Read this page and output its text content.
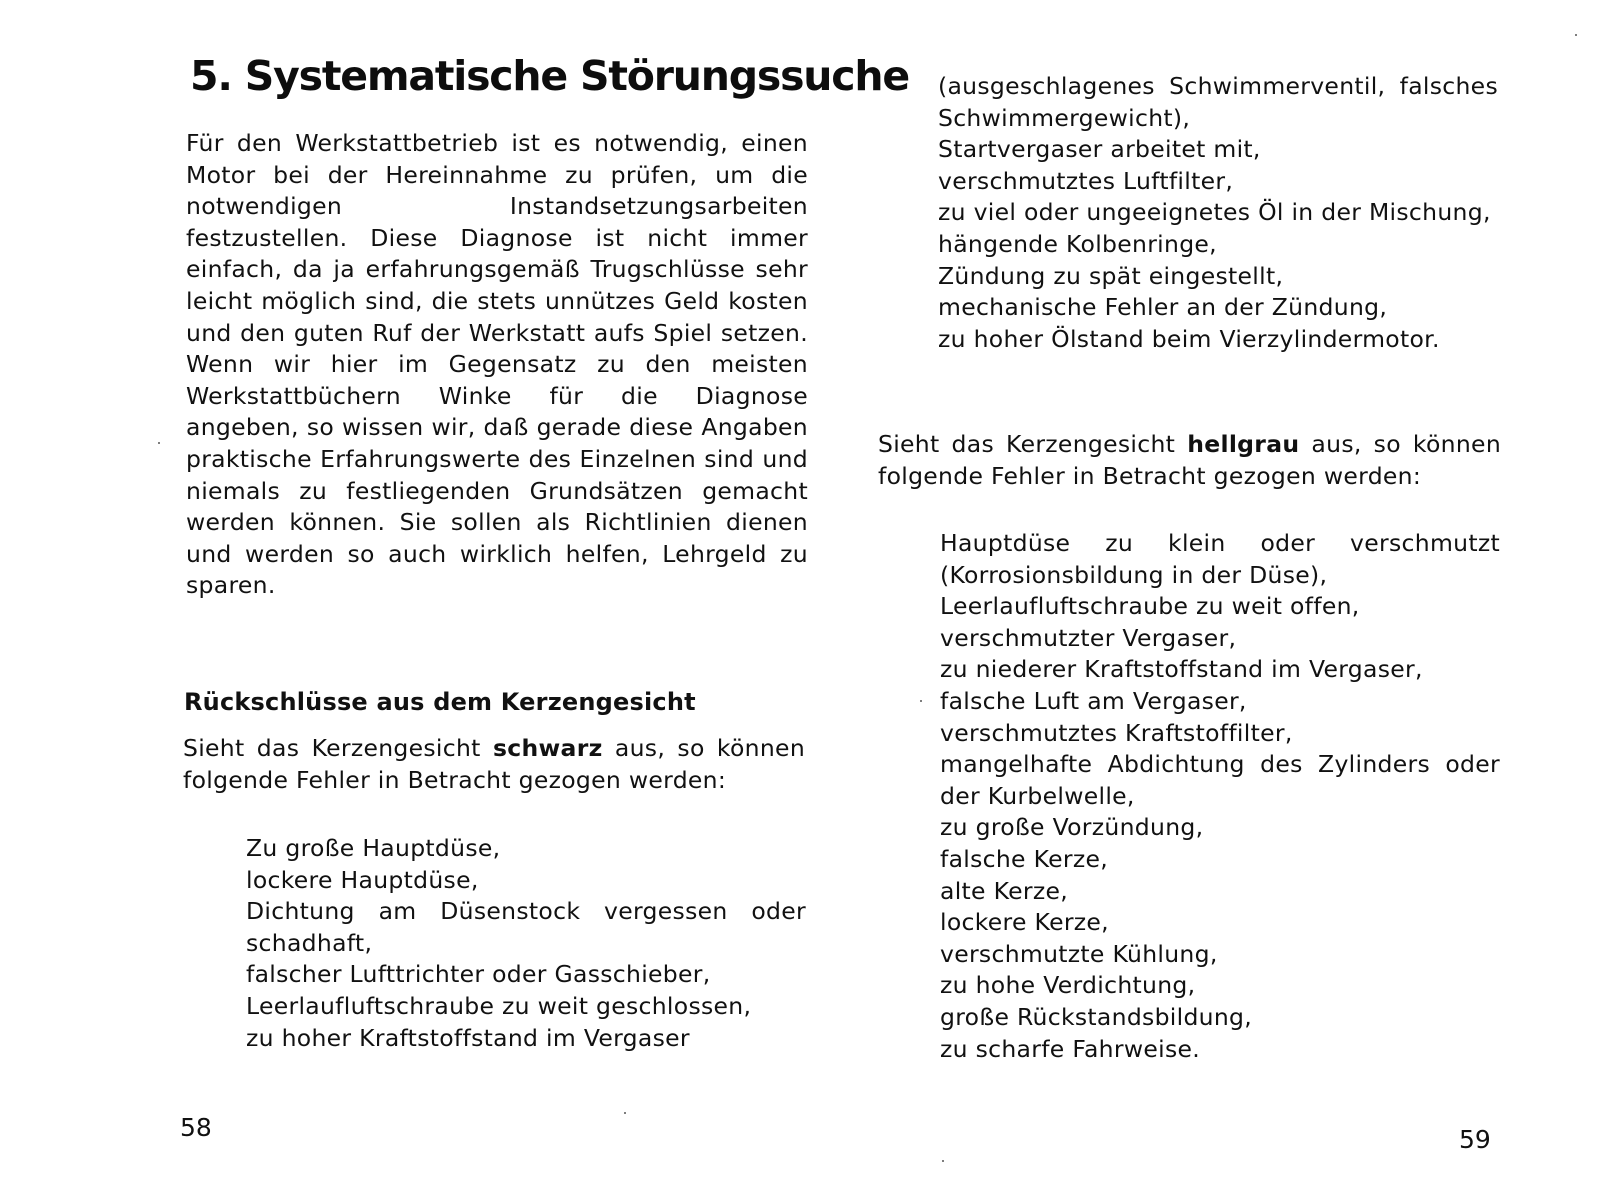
5. Systematische Störungssuche

Für den Werkstattbetrieb ist es notwendig, einen Motor bei der Hereinnahme zu prüfen, um die notwendigen Instandsetzungsarbeiten festzustellen. Diese Diagnose ist nicht immer einfach, da ja erfahrungsgemäß Trugschlüsse sehr leicht möglich sind, die stets unnützes Geld kosten und den guten Ruf der Werkstatt aufs Spiel setzen. Wenn wir hier im Gegensatz zu den meisten Werkstattbüchern Winke für die Diagnose angeben, so wissen wir, daß gerade diese Angaben praktische Erfahrungswerte des Einzelnen sind und niemals zu festliegenden Grundsätzen gemacht werden können. Sie sollen als Richtlinien dienen und werden so auch wirklich helfen, Lehrgeld zu sparen.

Rückschlüsse aus dem Kerzengesicht

Sieht das Kerzengesicht schwarz aus, so können folgende Fehler in Betracht gezogen werden:

Zu große Hauptdüse,
lockere Hauptdüse,
Dichtung am Düsenstock vergessen oder schadhaft,
falscher Lufttrichter oder Gasschieber,
Leerlaufluftschraube zu weit geschlossen,
zu hoher Kraftstoffstand im Vergaser

58

(ausgeschlagenes Schwimmerventil, falsches Schwimmergewicht),
Startvergaser arbeitet mit,
verschmutztes Luftfilter,
zu viel oder ungeeignetes Öl in der Mischung,
hängende Kolbenringe,
Zündung zu spät eingestellt,
mechanische Fehler an der Zündung,
zu hoher Ölstand beim Vierzylindermotor.

Sieht das Kerzengesicht hellgrau aus, so können folgende Fehler in Betracht gezogen werden:

Hauptdüse zu klein oder verschmutzt (Korrosionsbildung in der Düse),
Leerlaufluftschraube zu weit offen,
verschmutzter Vergaser,
zu niederer Kraftstoffstand im Vergaser,
falsche Luft am Vergaser,
verschmutztes Kraftstoffilter,
mangelhafte Abdichtung des Zylinders oder der Kurbelwelle,
zu große Vorzündung,
falsche Kerze,
alte Kerze,
lockere Kerze,
verschmutzte Kühlung,
zu hohe Verdichtung,
große Rückstandsbildung,
zu scharfe Fahrweise.

59
